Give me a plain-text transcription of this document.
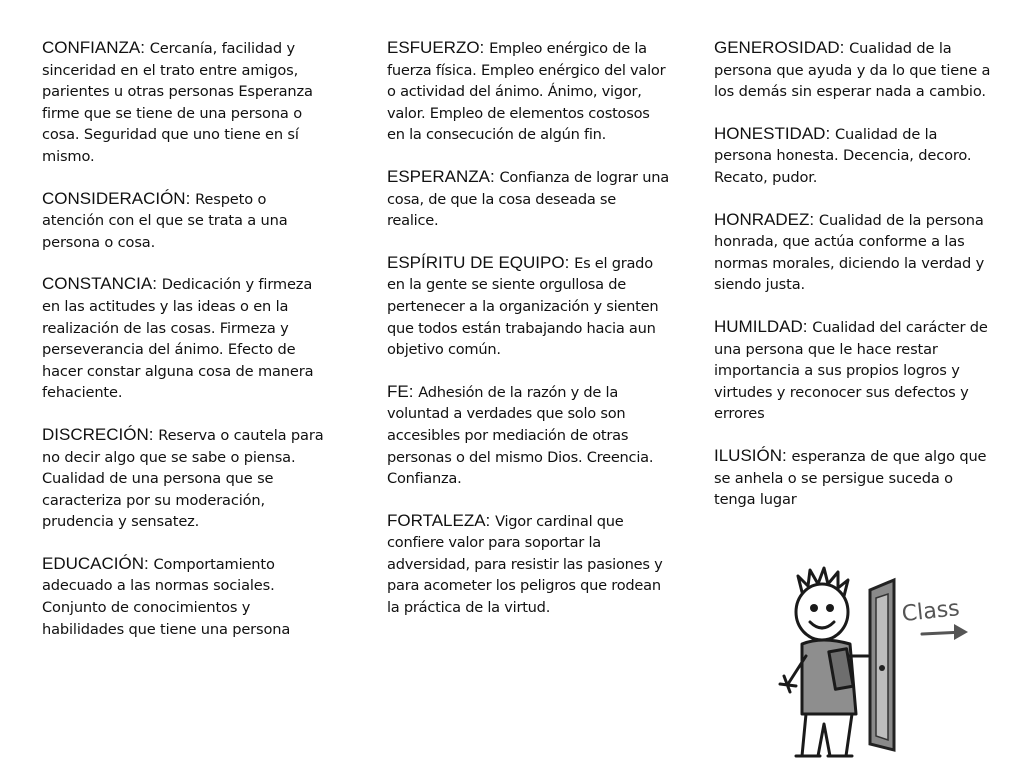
CONFIANZA: Cercanía, facilidad y sinceridad en el trato entre amigos, parientes u otras personas Esperanza firme que se tiene de una persona o cosa. Seguridad que uno tiene en sí mismo.
CONSIDERACIÓN: Respeto o atención con el que se trata a una persona o cosa.
CONSTANCIA: Dedicación y firmeza en las actitudes y las ideas o en la realización de las cosas. Firmeza y perseverancia del ánimo. Efecto de hacer constar alguna cosa de manera fehaciente.
DISCRECIÓN: Reserva o cautela para no decir algo que se sabe o piensa. Cualidad de una persona que se caracteriza por su moderación, prudencia y sensatez.
EDUCACIÓN: Comportamiento adecuado a las normas sociales. Conjunto de conocimientos y habilidades que tiene una persona
ESFUERZO: Empleo enérgico de la fuerza física. Empleo enérgico del valor o actividad del ánimo. Ánimo, vigor, valor. Empleo de elementos costosos en la consecución de algún fin.
ESPERANZA: Confianza de lograr una cosa, de que la cosa deseada se realice.
ESPÍRITU DE EQUIPO: Es el grado en la gente se siente orgullosa de pertenecer a la organización y sienten que todos están trabajando hacia aun objetivo común.
FE: Adhesión de la razón y de la voluntad a verdades que solo son accesibles por mediación de otras personas o del mismo Dios. Creencia. Confianza.
FORTALEZA: Vigor cardinal que confiere valor para soportar la adversidad, para resistir las pasiones y para acometer los peligros que rodean la práctica de la virtud.
GENEROSIDAD: Cualidad de la persona que ayuda y da lo que tiene a los demás sin esperar nada a cambio.
HONESTIDAD: Cualidad de la persona honesta. Decencia, decoro. Recato, pudor.
HONRADEZ: Cualidad de la persona honrada, que actúa conforme a las normas morales, diciendo la verdad y siendo justa.
HUMILDAD: Cualidad del carácter de una persona que le hace restar importancia a sus propios logros y virtudes y reconocer sus defectos y errores
ILUSIÓN: esperanza de que algo que se anhela o se persigue suceda o tenga lugar
Class
